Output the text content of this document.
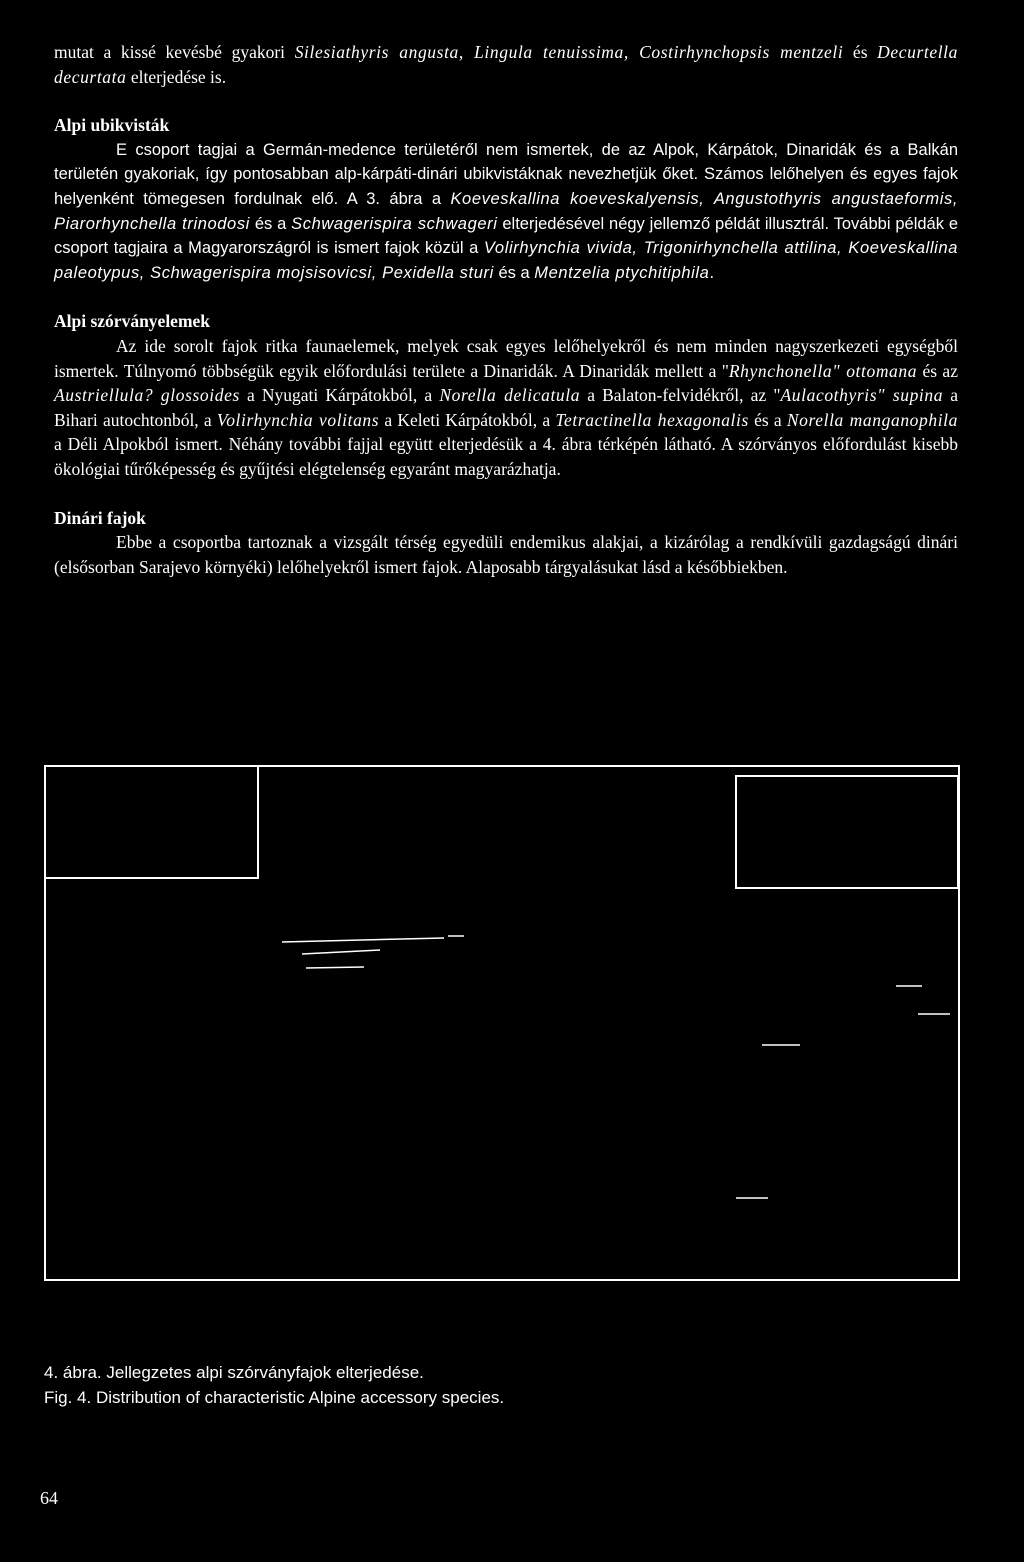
mutat a kissé kevésbé gyakori Silesiathyris angusta, Lingula tenuissima, Costirhynchopsis mentzeli és Decurtella decurtata elterjedése is.

Alpi ubikvisták

E csoport tagjai a Germán-medence területéről nem ismertek, de az Alpok, Kárpátok, Dinaridák és a Balkán területén gyakoriak, így pontosabban alp-kárpáti-dinári ubikvistáknak nevezhetjük őket. Számos lelőhelyen és egyes fajok helyenként tömegesen fordulnak elő. A 3. ábra a Koeveskallina koeveskalyensis, Angustothyris angustaeformis, Piarorhynchella trinodosi és a Schwagerispira schwageri elterjedésével négy jellemző példát illusztrál. További példák e csoport tagjaira a Magyarországról is ismert fajok közül a Volirhynchia vivida, Trigonirhynchella attilina, Koeveskallina paleotypus, Schwagerispira mojsisovicsi, Pexidella sturi és a Mentzelia ptychitiphila.

Alpi szórványelemek

Az ide sorolt fajok ritka faunaelemek, melyek csak egyes lelőhelyekről és nem minden nagyszerkezeti egységből ismertek. Túlnyomó többségük egyik előfordulási területe a Dinaridák. A Dinaridák mellett a "Rhynchonella" ottomana és az Austriellula? glossoides a Nyugati Kárpátokból, a Norella delicatula a Balaton-felvidékről, az "Aulacothyris" supina a Bihari autochtonból, a Volirhynchia volitans a Keleti Kárpátokból, a Tetractinella hexagonalis és a Norella manganophila a Déli Alpokból ismert. Néhány további fajjal együtt elterjedésük a 4. ábra térképén látható. A szórványos előfordulást kisebb ökológiai tűrőképesség és gyűjtési elégtelenség egyaránt magyarázhatja.

Dinári fajok

Ebbe a csoportba tartoznak a vizsgált térség egyedüli endemikus alakjai, a kizárólag a rendkívüli gazdagságú dinári (elsősorban Sarajevo környéki) lelőhelyekről ismert fajok. Alaposabb tárgyalásukat lásd a későbbiekben.

4. ábra. Jellegzetes alpi szórványfajok elterjedése.
Fig. 4. Distribution of characteristic Alpine accessory species.
64
